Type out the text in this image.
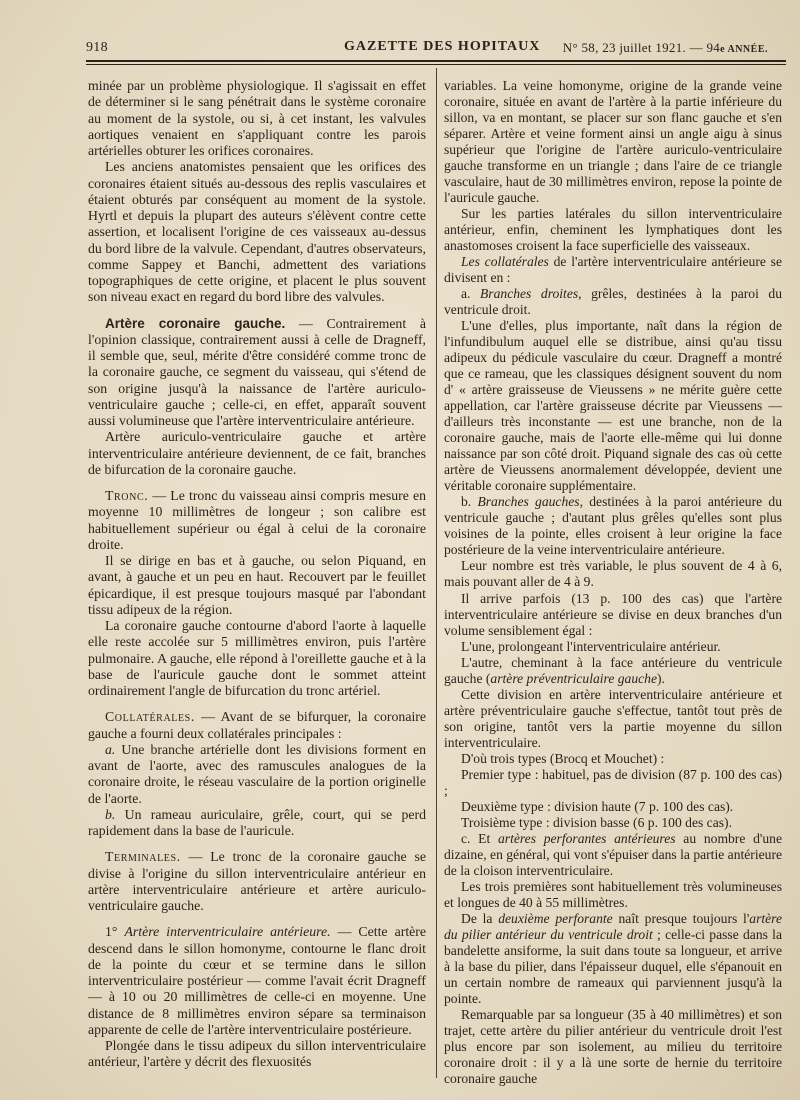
918	GAZETTE DES HOPITAUX N° 58, 23 juillet 1921. — 94e ANNÉE.

minée par un problème physiologique. Il s'agissait en effet de déterminer si le sang pénétrait dans le système coronaire au moment de la systole, ou si, à cet instant, les valvules aortiques venaient en s'appliquant contre les parois artérielles obturer les orifices coronaires.

Les anciens anatomistes pensaient que les orifices des coronaires étaient situés au-dessous des replis vasculaires et étaient obturés par conséquent au moment de la systole. Hyrtl et depuis la plupart des auteurs s'élèvent contre cette assertion, et localisent l'origine de ces vaisseaux au-dessus du bord libre de la valvule. Cependant, d'autres observateurs, comme Sappey et Banchi, admettent des variations topographiques de cette origine, et placent le plus souvent son niveau exact en regard du bord libre des valvules.

Artère coronaire gauche. — Contrairement à l'opinion classique, contrairement aussi à celle de Dragneff, il semble que, seul, mérite d'être considéré comme tronc de la coronaire gauche, ce segment du vaisseau, qui s'étend de son origine jusqu'à la naissance de l'artère auriculo-ventriculaire gauche ; celle-ci, en effet, apparaît souvent aussi volumineuse que l'artère interventriculaire antérieure.

Artère auriculo-ventriculaire gauche et artère interventriculaire antérieure deviennent, de ce fait, branches de bifurcation de la coronaire gauche.

Tronc. — Le tronc du vaisseau ainsi compris mesure en moyenne 10 millimètres de longeur ; son calibre est habituellement supérieur ou égal à celui de la coronaire droite.

Il se dirige en bas et à gauche, ou selon Piquand, en avant, à gauche et un peu en haut. Recouvert par le feuillet épicardique, il est presque toujours masqué par l'abondant tissu adipeux de la région.

La coronaire gauche contourne d'abord l'aorte à laquelle elle reste accolée sur 5 millimètres environ, puis l'artère pulmonaire. A gauche, elle répond à l'oreillette gauche et à la base de l'auricule gauche dont le sommet atteint ordinairement l'angle de bifurcation du tronc artériel.

Collatérales. — Avant de se bifurquer, la coronaire gauche a fourni deux collatérales principales :

a. Une branche artérielle dont les divisions forment en avant de l'aorte, avec des ramuscules analogues de la coronaire droite, le réseau vasculaire de la portion originelle de l'aorte.

b. Un rameau auriculaire, grêle, court, qui se perd rapidement dans la base de l'auricule.

Terminales. — Le tronc de la coronaire gauche se divise à l'origine du sillon interventriculaire antérieur en artère interventriculaire antérieure et artère auriculo-ventriculaire gauche.

1° Artère interventriculaire antérieure. — Cette artère descend dans le sillon homonyme, contourne le flanc droit de la pointe du cœur et se termine dans le sillon interventriculaire postérieur — comme l'avait écrit Dragneff — à 10 ou 20 millimètres de celle-ci en moyenne. Une distance de 8 millimètres environ sépare sa terminaison apparente de celle de l'artère interventriculaire postérieure.

Plongée dans le tissu adipeux du sillon interventriculaire antérieur, l'artère y décrit des flexuosités

variables. La veine homonyme, origine de la grande veine coronaire, située en avant de l'artère à la partie inférieure du sillon, va en montant, se placer sur son flanc gauche et s'en séparer. Artère et veine forment ainsi un angle aigu à sinus supérieur que l'origine de l'artère auriculo-ventriculaire gauche transforme en un triangle ; dans l'aire de ce triangle vasculaire, haut de 30 millimètres environ, repose la pointe de l'auricule gauche.

Sur les parties latérales du sillon interventriculaire antérieur, enfin, cheminent les lymphatiques dont les anastomoses croisent la face superficielle des vaisseaux.

Les collatérales de l'artère interventriculaire antérieure se divisent en :

a. Branches droites, grêles, destinées à la paroi du ventricule droit.

L'une d'elles, plus importante, naît dans la région de l'infundibulum auquel elle se distribue, ainsi qu'au tissu adipeux du pédicule vasculaire du cœur. Dragneff a montré que ce rameau, que les classiques désignent souvent du nom d' « artère graisseuse de Vieussens » ne mérite guère cette appellation, car l'artère graisseuse décrite par Vieussens — d'ailleurs très inconstante — est une branche, non de la coronaire gauche, mais de l'aorte elle-même qui lui donne naissance par son côté droit. Piquand signale des cas où cette artère de Vieussens anormalement développée, devient une véritable coronaire supplémentaire.

b. Branches gauches, destinées à la paroi antérieure du ventricule gauche ; d'autant plus grêles qu'elles sont plus voisines de la pointe, elles croisent à leur origine la face postérieure de la veine interventriculaire antérieure.

Leur nombre est très variable, le plus souvent de 4 à 6, mais pouvant aller de 4 à 9.

Il arrive parfois (13 p. 100 des cas) que l'artère interventriculaire antérieure se divise en deux branches d'un volume sensiblement égal :

L'une, prolongeant l'interventriculaire antérieur.

L'autre, cheminant à la face antérieure du ventricule gauche (artère préventriculaire gauche).

Cette division en artère interventriculaire antérieure et artère préventriculaire gauche s'effectue, tantôt tout près de son origine, tantôt vers la partie moyenne du sillon interventriculaire.

D'où trois types (Brocq et Mouchet) :

Premier type : habituel, pas de division (87 p. 100 des cas) ;

Deuxième type : division haute (7 p. 100 des cas).

Troisième type : division basse (6 p. 100 des cas).

c. Et artères perforantes antérieures au nombre d'une dizaine, en général, qui vont s'épuiser dans la partie antérieure de la cloison interventriculaire.

Les trois premières sont habituellement très volumineuses et longues de 40 à 55 millimètres.

De la deuxième perforante naît presque toujours l'artère du pilier antérieur du ventricule droit ; celle-ci passe dans la bandelette ansiforme, la suit dans toute sa longueur, et arrive à la base du pilier, dans l'épaisseur duquel, elle s'épanouit en un certain nombre de rameaux qui parviennent jusqu'à la pointe.

Remarquable par sa longueur (35 à 40 millimètres) et son trajet, cette artère du pilier antérieur du ventricule droit l'est plus encore par son isolement, au milieu du territoire coronaire droit : il y a là une sorte de hernie du territoire coronaire gauche
